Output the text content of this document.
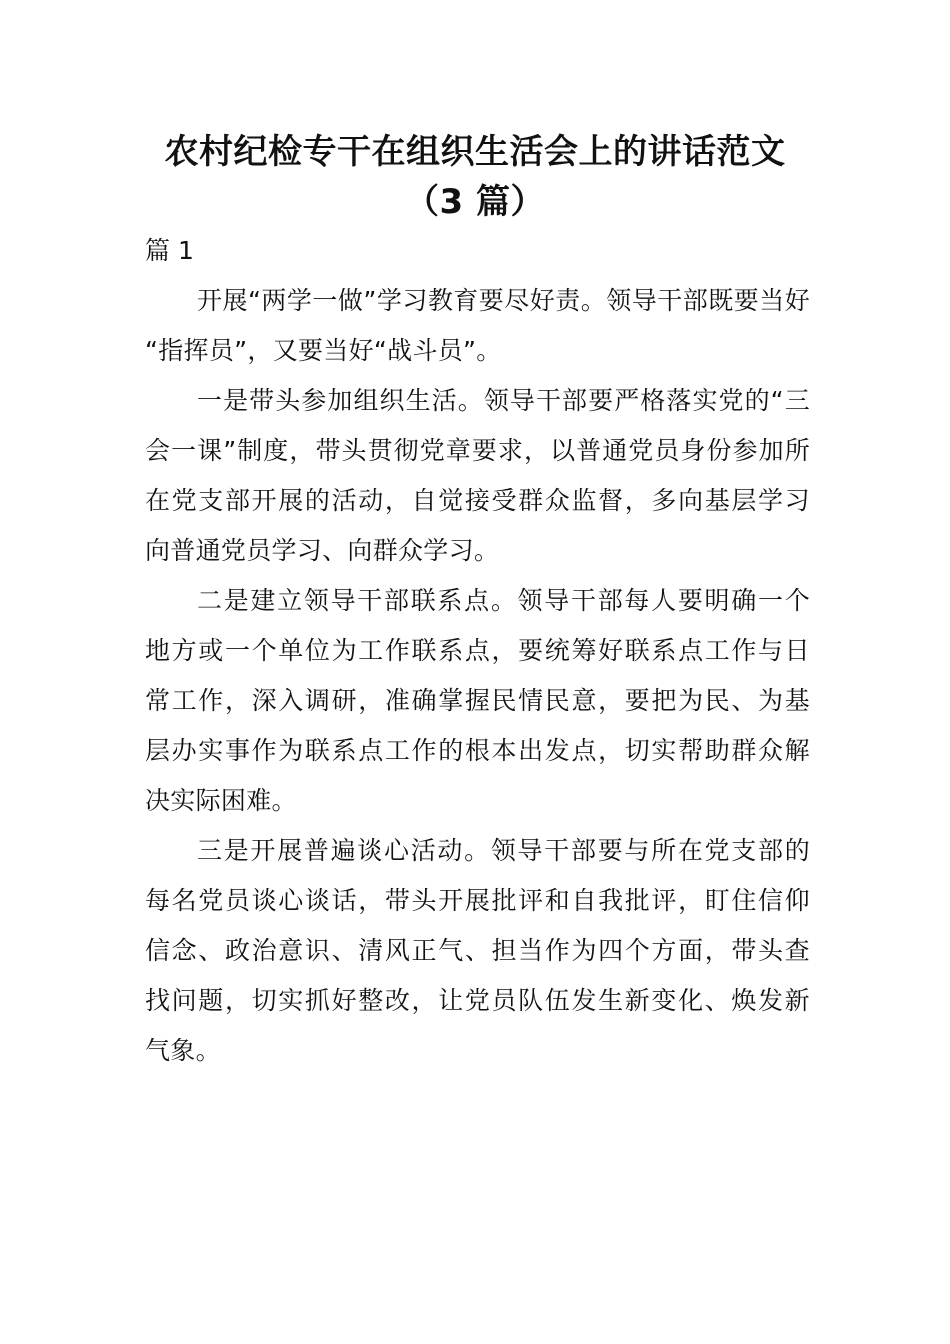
农村纪检专干在组织生活会上的讲话范文
（3 篇）
篇 1
开展“两学一做”学习教育要尽好责。领导干部既要当好
“指挥员”，又要当好“战斗员”。
一是带头参加组织生活。领导干部要严格落实党的“三
会一课”制度，带头贯彻党章要求，以普通党员身份参加所
在党支部开展的活动，自觉接受群众监督，多向基层学习
向普通党员学习、向群众学习。
二是建立领导干部联系点。领导干部每人要明确一个
地方或一个单位为工作联系点，要统筹好联系点工作与日
常工作，深入调研，准确掌握民情民意，要把为民、为基
层办实事作为联系点工作的根本出发点，切实帮助群众解
决实际困难。
三是开展普遍谈心活动。领导干部要与所在党支部的
每名党员谈心谈话，带头开展批评和自我批评，盯住信仰
信念、政治意识、清风正气、担当作为四个方面，带头查
找问题，切实抓好整改，让党员队伍发生新变化、焕发新
气象。
